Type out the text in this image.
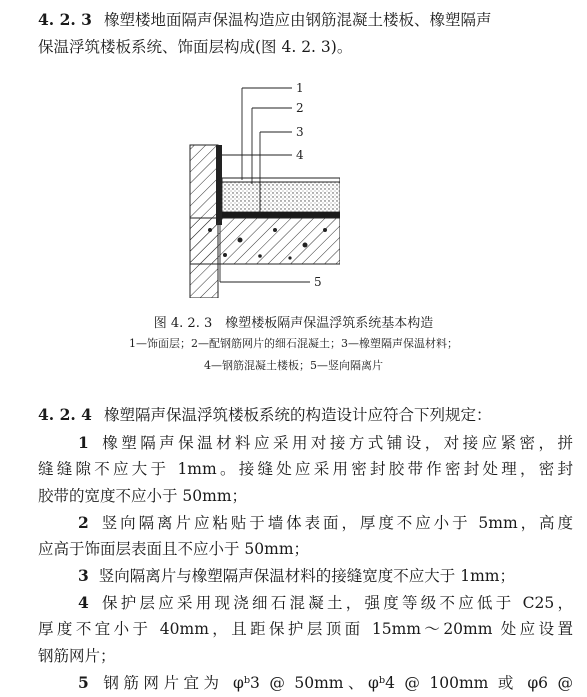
4. 2. 3 橡塑楼地面隔声保温构造应由钢筋混凝土楼板、橡塑隔声
保温浮筑楼板系统、饰面层构成(图 4. 2. 3)。
1
2
3
4
5
图 4. 2. 3　橡塑楼板隔声保温浮筑系统基本构造
1—饰面层；2—配钢筋网片的细石混凝土；3—橡塑隔声保温材料；
4—钢筋混凝土楼板；5—竖向隔离片
4. 2. 4 橡塑隔声保温浮筑楼板系统的构造设计应符合下列规定：
1 橡塑隔声保温材料应采用对接方式铺设，对接应紧密，拼
缝缝隙不应大于 1mm。接缝处应采用密封胶带作密封处理，密封
胶带的宽度不应小于 50mm；
2 竖向隔离片应粘贴于墙体表面，厚度不应小于 5mm，高度
应高于饰面层表面且不应小于 50mm；
3 竖向隔离片与橡塑隔声保温材料的接缝宽度不应大于 1mm；
4 保护层应采用现浇细石混凝土，强度等级不应低于 C25，
厚度不宜小于 40mm，且距保护层顶面 15mm～20mm 处应设置
钢筋网片；
5 钢筋网片宜为 φᵇ3 @ 50mm、φᵇ4 @ 100mm 或 φ6 @
